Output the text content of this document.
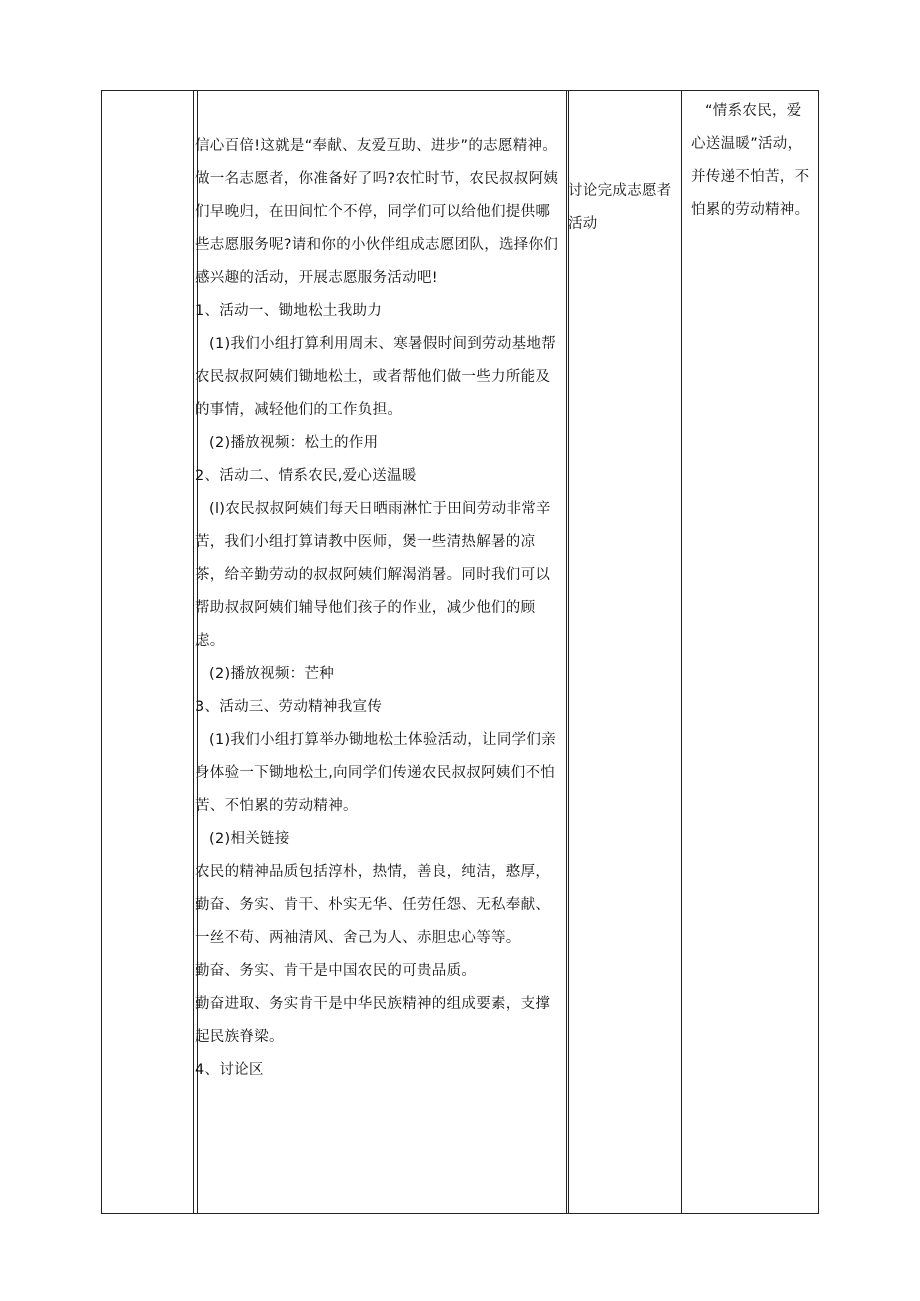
信心百倍!这就是“奉献、友爱互助、进步”的志愿精神。做一名志愿者，你准备好了吗?农忙时节，农民叔叔阿姨们早晚归，在田间忙个不停，同学们可以给他们提供哪些志愿服务呢?请和你的小伙伴组成志愿团队，选择你们感兴趣的活动，开展志愿服务活动吧!

1、活动一、锄地松土我助力

(1)我们小组打算利用周末、寒暑假时间到劳动基地帮农民叔叔阿姨们锄地松土，或者帮他们做一些力所能及的事情，减轻他们的工作负担。

(2)播放视频：松土的作用

2、活动二、情系农民,爱心送温暖

(l)农民叔叔阿姨们每天日晒雨淋忙于田间劳动非常辛苦，我们小组打算请教中医师，煲一些清热解暑的凉茶，给辛勤劳动的叔叔阿姨们解渴消暑。同时我们可以帮助叔叔阿姨们辅导他们孩子的作业，减少他们的顾虑。

(2)播放视频：芒种

3、活动三、劳动精神我宣传

(1)我们小组打算举办锄地松土体验活动，让同学们亲身体验一下锄地松土,向同学们传递农民叔叔阿姨们不怕苦、不怕累的劳动精神。

(2)相关链接

农民的精神品质包括淳朴，热情，善良，纯洁，憨厚，勤奋、务实、肯干、朴实无华、任劳任怨、无私奉献、一丝不苟、两袖清风、舍己为人、赤胆忠心等等。

勤奋、务实、肯干是中国农民的可贵品质。

勤奋进取、务实肯干是中华民族精神的组成要素，支撑起民族脊梁。

4、讨论区

讨论完成志愿者活动

“情系农民，爱心送温暖”活动，并传递不怕苦，不怕累的劳动精神。
